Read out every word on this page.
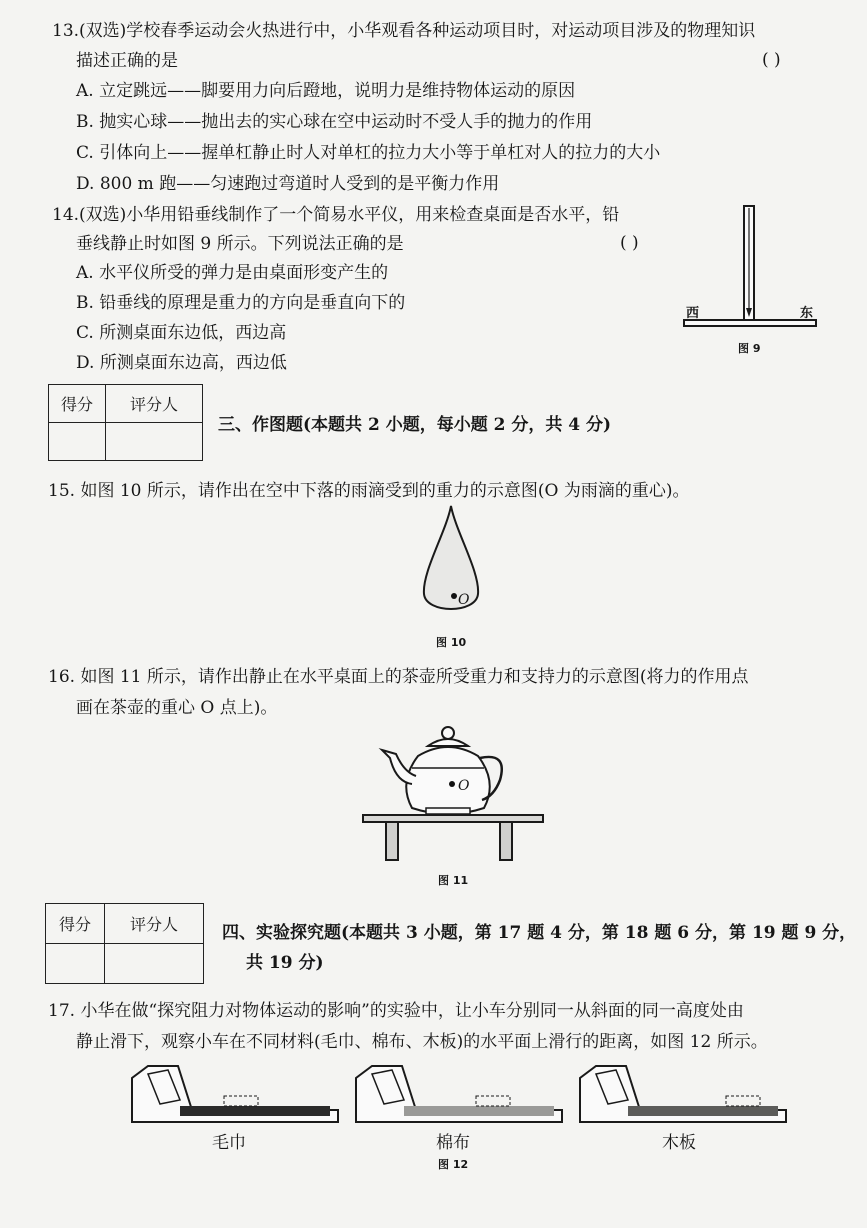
13.(双选)学校春季运动会火热进行中，小华观看各种运动项目时，对运动项目涉及的物理知识
描述正确的是	( )
A. 立定跳远——脚要用力向后蹬地，说明力是维持物体运动的原因
B. 抛实心球——抛出去的实心球在空中运动时不受人手的抛力的作用
C. 引体向上——握单杠静止时人对单杠的拉力大小等于单杠对人的拉力的大小
D. 800 m 跑——匀速跑过弯道时人受到的是平衡力作用
14.(双选)小华用铅垂线制作了一个简易水平仪，用来检查桌面是否水平，铅
垂线静止时如图 9 所示。下列说法正确的是	( )
A. 水平仪所受的弹力是由桌面形变产生的
B. 铅垂线的原理是重力的方向是垂直向下的
C. 所测桌面东边低，西边高
D. 所测桌面东边高，西边低
西	东
图 9
得分	评分人

三、作图题(本题共 2 小题，每小题 2 分，共 4 分)
15. 如图 10 所示，请作出在空中下落的雨滴受到的重力的示意图(O 为雨滴的重心)。
O
图 10
16. 如图 11 所示，请作出静止在水平桌面上的茶壶所受重力和支持力的示意图(将力的作用点
画在茶壶的重心 O 点上)。
O
图 11
得分	评分人
		四、实验探究题(本题共 3 小题，第 17 题 4 分，第 18 题 6 分，第 19 题 9 分，
共 19 分)
17. 小华在做“探究阻力对物体运动的影响”的实验中，让小车分别同一从斜面的同一高度处由
静止滑下，观察小车在不同材料(毛巾、棉布、木板)的水平面上滑行的距离，如图 12 所示。
毛巾	棉布	木板
图 12
